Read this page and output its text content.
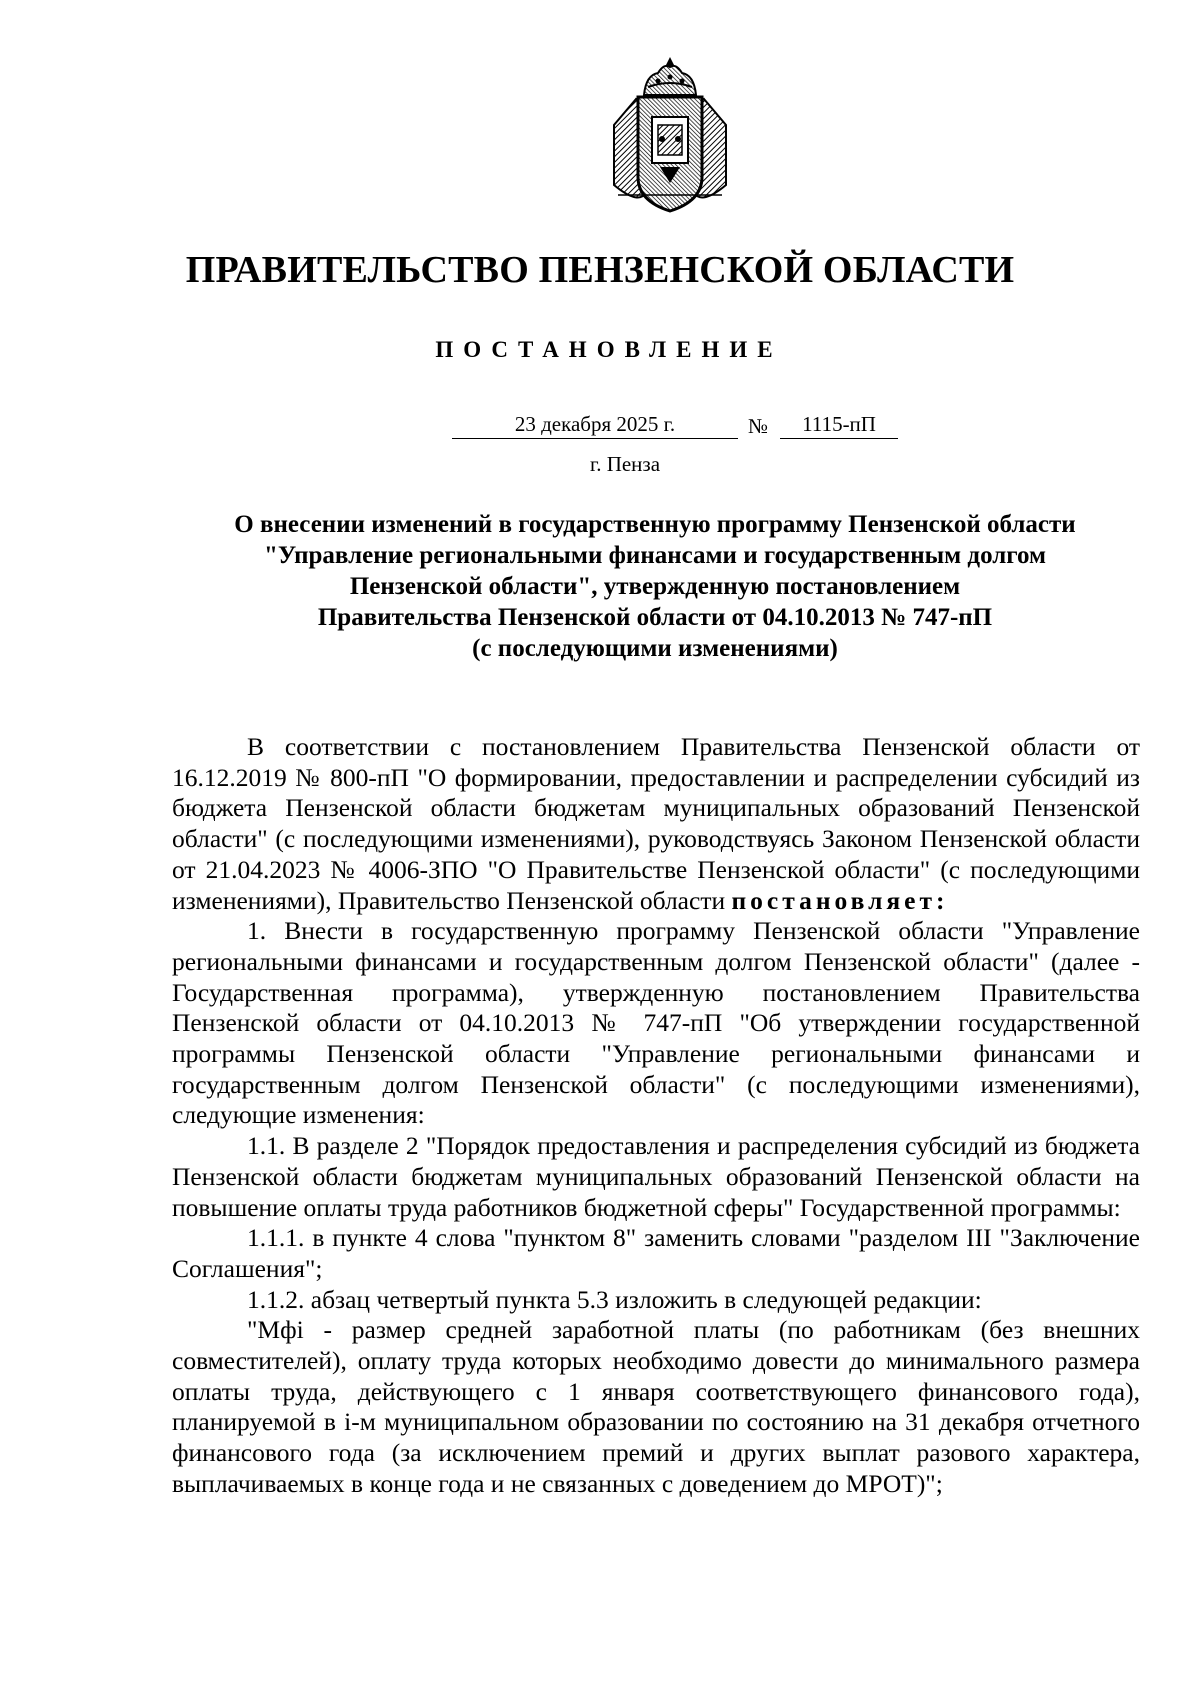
ПРАВИТЕЛЬСТВО ПЕНЗЕНСКОЙ ОБЛАСТИ
ПОСТАНОВЛЕНИЕ
23 декабря 2025 г.	№	1115-пП
г. Пенза
О внесении изменений в государственную программу Пензенской области
"Управление региональными финансами и государственным долгом
Пензенской области", утвержденную постановлением
Правительства Пензенской области от 04.10.2013 № 747-пП
(с последующими изменениями)

В соответствии с постановлением Правительства Пензенской области от 16.12.2019 № 800-пП "О формировании, предоставлении и распределении субсидий из бюджета Пензенской области бюджетам муниципальных образований Пензенской области" (с последующими изменениями), руководствуясь Законом Пензенской области от 21.04.2023 № 4006-ЗПО "О Правительстве Пензенской области" (с последующими изменениями), Правительство Пензенской области постановляет:

1. Внести в государственную программу Пензенской области "Управление региональными финансами и государственным долгом Пензенской области" (далее - Государственная программа), утвержденную постановлением Правительства Пензенской области от 04.10.2013 № 747-пП "Об утверждении государственной программы Пензенской области "Управление региональными финансами и государственным долгом Пензенской области" (с последующими изменениями), следующие изменения:

1.1. В разделе 2 "Порядок предоставления и распределения субсидий из бюджета Пензенской области бюджетам муниципальных образований Пензенской области на повышение оплаты труда работников бюджетной сферы" Государственной программы:

1.1.1. в пункте 4 слова "пунктом 8" заменить словами "разделом III "Заключение Соглашения";

1.1.2. абзац четвертый пункта 5.3 изложить в следующей редакции:

"Мфі - размер средней заработной платы (по работникам (без внешних совместителей), оплату труда которых необходимо довести до минимального размера оплаты труда, действующего с 1 января соответствующего финансового года), планируемой в і-м муниципальном образовании по состоянию на 31 декабря отчетного финансового года (за исключением премий и других выплат разового характера, выплачиваемых в конце года и не связанных с доведением до МРОТ)";
